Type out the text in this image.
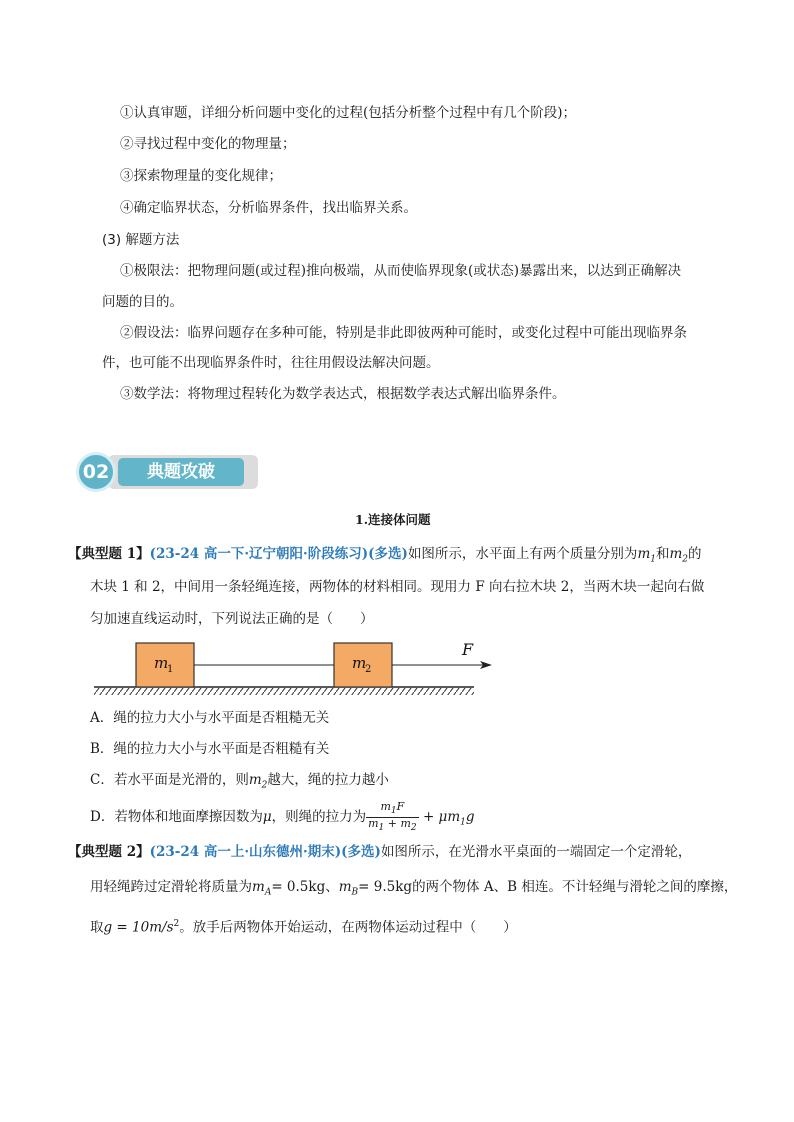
①认真审题，详细分析问题中变化的过程(包括分析整个过程中有几个阶段)；
②寻找过程中变化的物理量；
③探索物理量的变化规律；
④确定临界状态，分析临界条件，找出临界关系。
(3) 解题方法
①极限法：把物理问题(或过程)推向极端，从而使临界现象(或状态)暴露出来，以达到正确解决
问题的目的。
②假设法：临界问题存在多种可能，特别是非此即彼两种可能时，或变化过程中可能出现临界条
件，也可能不出现临界条件时，往往用假设法解决问题。
③数学法：将物理过程转化为数学表达式，根据数学表达式解出临界条件。
02	典题攻破
1.连接体问题
【典型题 1】(23-24 高一下·辽宁朝阳·阶段练习)(多选)如图所示，水平面上有两个质量分别为$m_1$和$m_2$的
木块 1 和 2，中间用一条轻绳连接，两物体的材料相同。现用力 F 向右拉木块 2，当两木块一起向右做
匀加速直线运动时，下列说法正确的是（　　）
m
1	m
2
F
A．绳的拉力大小与水平面是否粗糙无关
B．绳的拉力大小与水平面是否粗糙有关
C．若水平面是光滑的，则$m_2$越大，绳的拉力越小
D．若物体和地面摩擦因数为μ，则绳的拉力为 $\frac{m_1F}{m_1 + m_2} + \mu m_1g$
【典型题 2】(23-24 高一上·山东德州·期末)(多选)如图所示，在光滑水平桌面的一端固定一个定滑轮，
用轻绳跨过定滑轮将质量为$m_A= 0.5kg$、$m_B= 9.5kg$的两个物体 A、B 相连。不计轻绳与滑轮之间的摩擦，
取$g = 10m/s^2$。放手后两物体开始运动，在两物体运动过程中（　　）
